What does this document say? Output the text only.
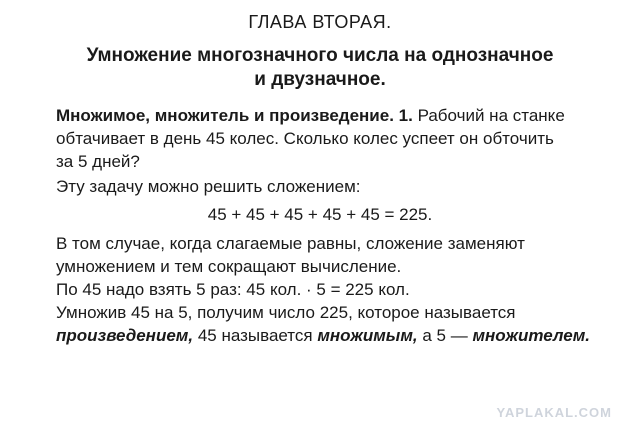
ГЛАВА ВТОРАЯ.
Умножение многозначного числа на однозначное
и двузначное.
Множимое, множитель и произведение. 1. Рабочий на станке
обтачивает в день 45 колес. Сколько колес успеет он обточить
за 5 дней?
Эту задачу можно решить сложением:
45 + 45 + 45 + 45 + 45 = 225.
В том случае, когда слагаемые равны, сложение заменяют
умножением и тем сокращают вычисление.
По 45 надо взять 5 раз: 45 кол. · 5 = 225 кол.
Умножив 45 на 5, получим число 225, которое называется
произведением, 45 называется множимым, а 5 — множителем.
YAPLAKAL.COM
